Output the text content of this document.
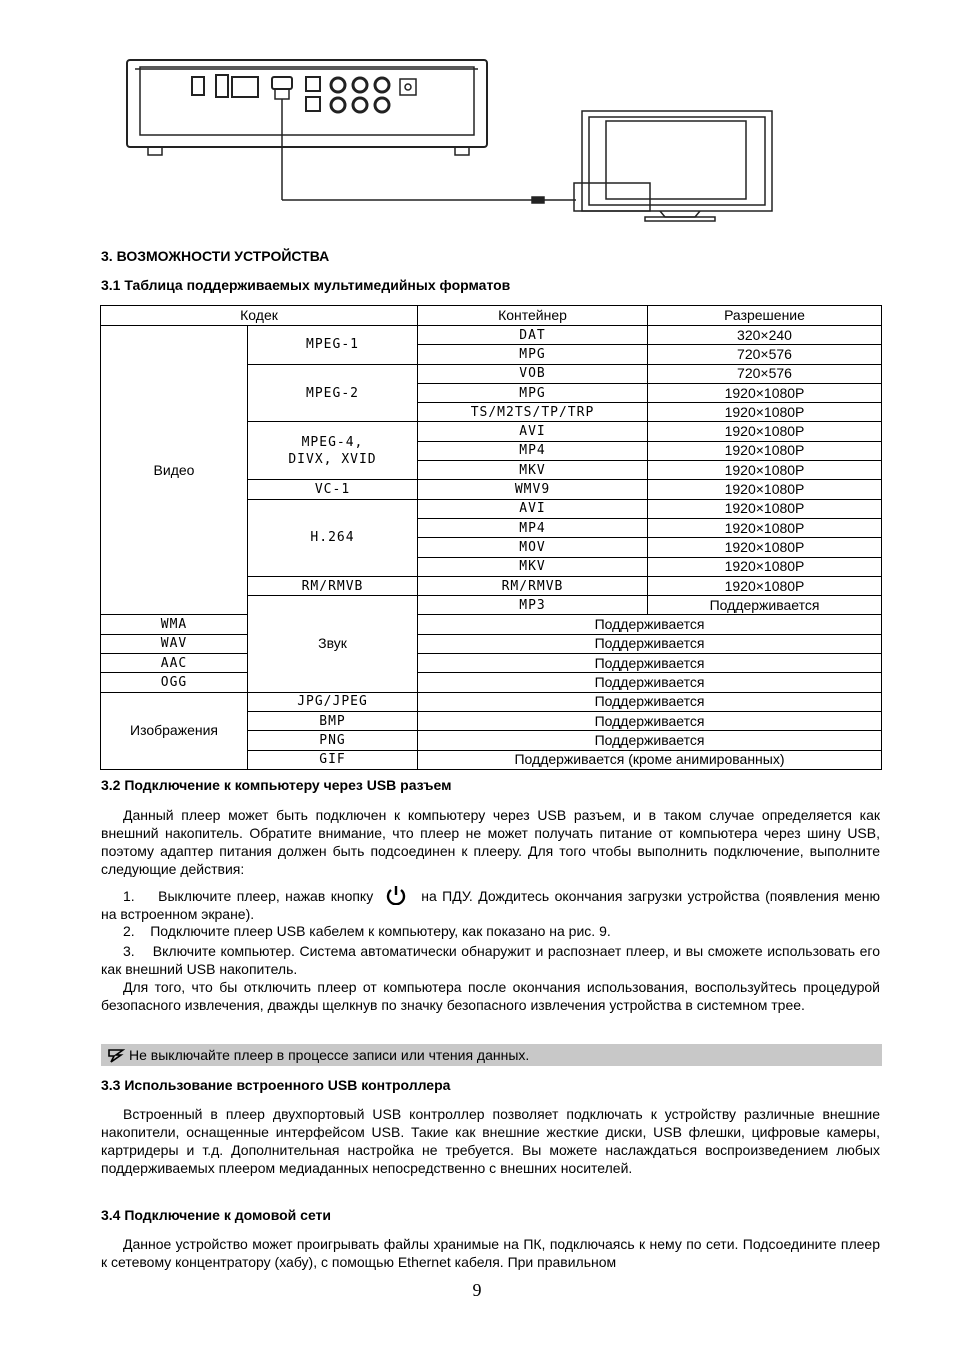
3. ВОЗМОЖНОСТИ УСТРОЙСТВА
3.1 Таблица поддерживаемых мультимедийных форматов
Кодек		Контейнер	Разрешение
Видео	MPEG-1	DAT	320×240
		MPG	720×576
	MPEG-2	VOB	720×576
		MPG	1920×1080P
		TS/M2TS/TP/TRP	1920×1080P
	MPEG-4,
DIVX, XVID	AVI	1920×1080P
		MP4	1920×1080P
		MKV	1920×1080P
	VC-1	WMV9	1920×1080P
	H.264	AVI	1920×1080P
		MP4	1920×1080P
		MOV	1920×1080P
		MKV	1920×1080P
	RM/RMVB	RM/RMVB	1920×1080P
	Звук	MP3	Поддерживается
WMA		Поддерживается	
WAV		Поддерживается	
AAC		Поддерживается	
OGG		Поддерживается	
Изображения	JPG/JPEG	Поддерживается	
	BMP	Поддерживается	
	PNG	Поддерживается	
	GIF	Поддерживается (кроме анимированных)	
3.2 Подключение к компьютеру через USB разъем
Данный плеер может быть подключен к компьютеру через USB разъем, и в таком случае определяется как внешний накопитель. Обратите внимание, что плеер не может получать питание от компьютера через шину USB, поэтому адаптер питания должен быть подсоединен к плееру. Для того чтобы выполнить подключение, выполните следующие действия:
1. Выключите плеер, нажав кнопку	на ПДУ. Дождитесь окончания загрузки устройства (появления меню на встроенном экране).
2.    Подключите плеер USB кабелем к компьютеру, как показано на рис. 9.
3.    Включите компьютер. Система автоматически обнаружит и распознает плеер, и вы сможете использовать его как внешний USB накопитель.
Для того, что бы отключить плеер от компьютера после окончания использования, воспользуйтесь процедурой безопасного извлечения, дважды щелкнув по значку безопасного извлечения устройства в системном трее.
Не выключайте плеер в процессе записи или чтения данных.
3.3 Использование встроенного USB контроллера
Встроенный в плеер двухпортовый USB контроллер позволяет подключать к устройству различные внешние накопители, оснащенные интерфейсом USB. Такие как внешние жесткие диски, USB флешки, цифровые камеры, картридеры и т.д. Дополнительная настройка не требуется. Вы можете наслаждаться воспроизведением любых поддерживаемых плеером медиаданных непосредственно с внешних носителей.
3.4 Подключение к домовой сети
Данное устройство может проигрывать файлы хранимые на ПК, подключаясь к нему по сети. Подсоедините плеер к сетевому концентратору (хабу), с помощью Ethernet кабеля. При правильном
9
